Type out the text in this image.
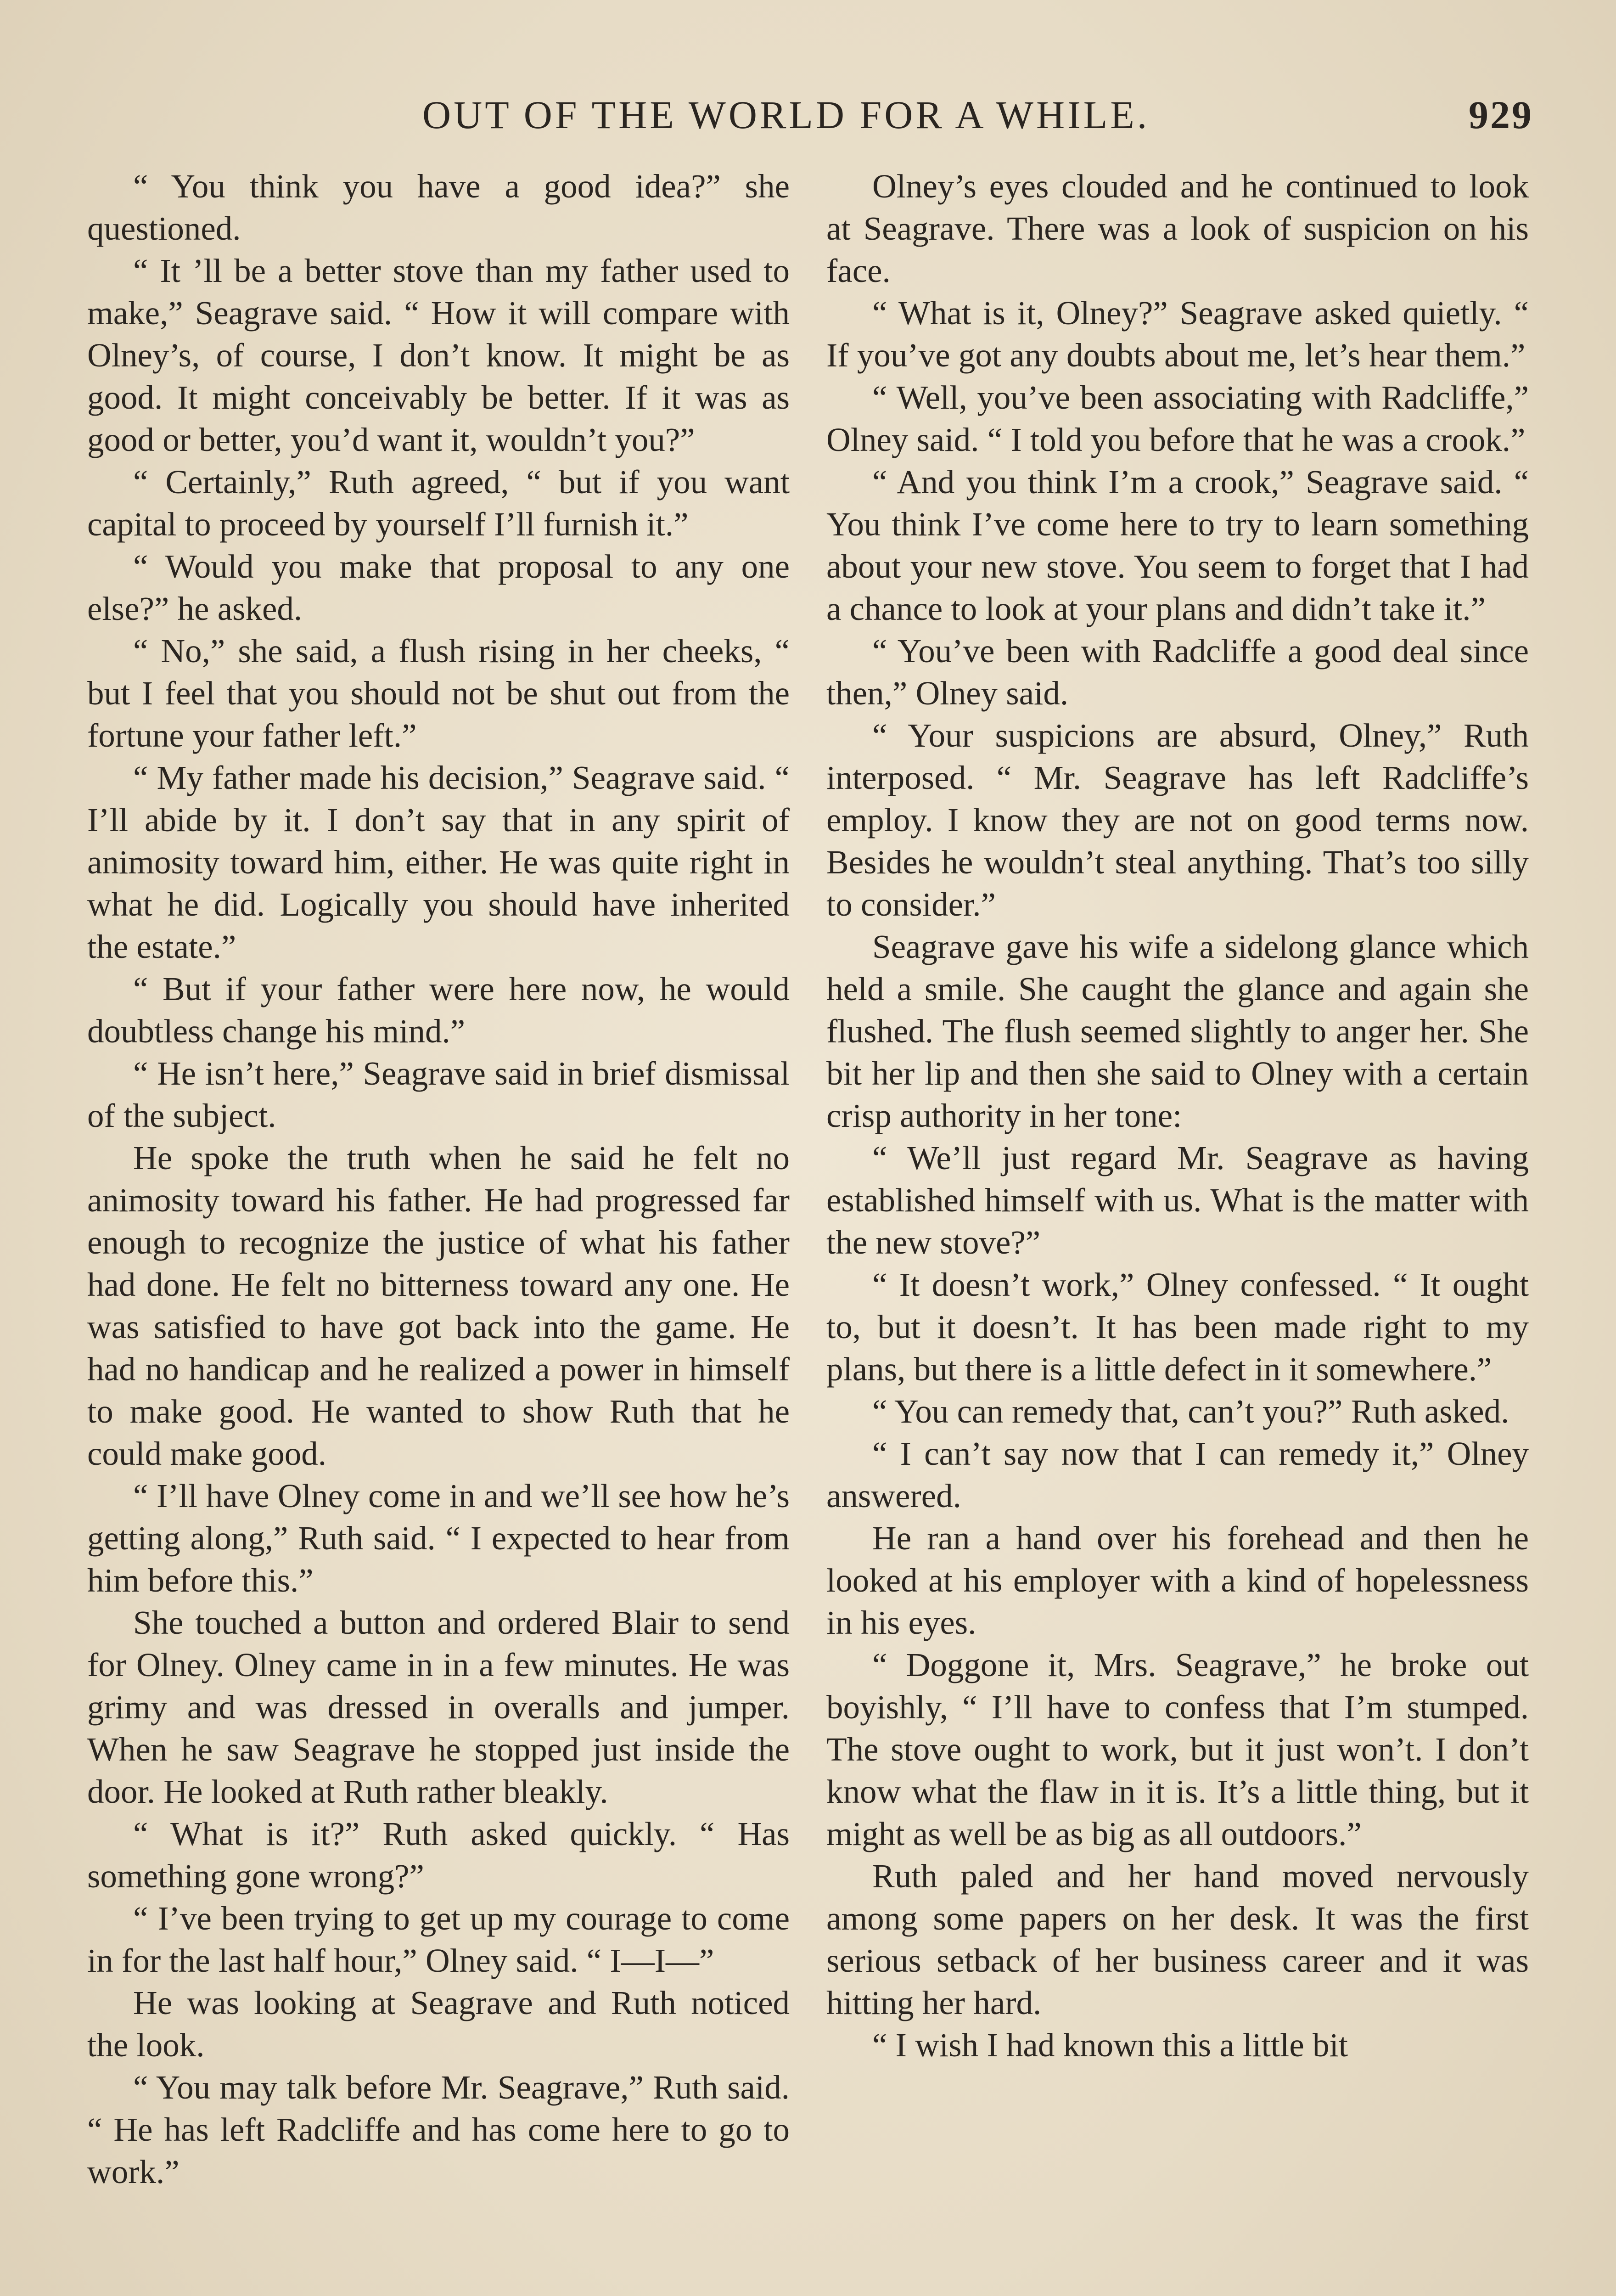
OUT OF THE WORLD FOR A WHILE.	929

“ You think you have a good idea?” she questioned.

“ It ’ll be a better stove than my father used to make,” Seagrave said. “ How it will compare with Olney’s, of course, I don’t know. It might be as good. It might conceivably be better. If it was as good or better, you’d want it, wouldn’t you?”

“ Certainly,” Ruth agreed, “ but if you want capital to proceed by yourself I’ll furnish it.”

“ Would you make that proposal to any one else?” he asked.

“ No,” she said, a flush rising in her cheeks, “ but I feel that you should not be shut out from the fortune your father left.”

“ My father made his decision,” Seagrave said. “ I’ll abide by it. I don’t say that in any spirit of animosity toward him, either. He was quite right in what he did. Logically you should have inherited the estate.”

“ But if your father were here now, he would doubtless change his mind.”

“ He isn’t here,” Seagrave said in brief dismissal of the subject.

He spoke the truth when he said he felt no animosity toward his father. He had progressed far enough to recognize the justice of what his father had done. He felt no bitterness toward any one. He was satisfied to have got back into the game. He had no handicap and he realized a power in himself to make good. He wanted to show Ruth that he could make good.

“ I’ll have Olney come in and we’ll see how he’s getting along,” Ruth said. “ I expected to hear from him before this.”

She touched a button and ordered Blair to send for Olney. Olney came in in a few minutes. He was grimy and was dressed in overalls and jumper. When he saw Seagrave he stopped just inside the door. He looked at Ruth rather bleakly.

“ What is it?” Ruth asked quickly. “ Has something gone wrong?”

“ I’ve been trying to get up my courage to come in for the last half hour,” Olney said. “ I—I—”

He was looking at Seagrave and Ruth noticed the look.

“ You may talk before Mr. Seagrave,” Ruth said. “ He has left Radcliffe and has come here to go to work.”

Olney’s eyes clouded and he continued to look at Seagrave. There was a look of suspicion on his face.

“ What is it, Olney?” Seagrave asked quietly. “ If you’ve got any doubts about me, let’s hear them.”

“ Well, you’ve been associating with Radcliffe,” Olney said. “ I told you before that he was a crook.”

“ And you think I’m a crook,” Seagrave said. “ You think I’ve come here to try to learn something about your new stove. You seem to forget that I had a chance to look at your plans and didn’t take it.”

“ You’ve been with Radcliffe a good deal since then,” Olney said.

“ Your suspicions are absurd, Olney,” Ruth interposed. “ Mr. Seagrave has left Radcliffe’s employ. I know they are not on good terms now. Besides he wouldn’t steal anything. That’s too silly to consider.”

Seagrave gave his wife a sidelong glance which held a smile. She caught the glance and again she flushed. The flush seemed slightly to anger her. She bit her lip and then she said to Olney with a certain crisp authority in her tone:

“ We’ll just regard Mr. Seagrave as having established himself with us. What is the matter with the new stove?”

“ It doesn’t work,” Olney confessed. “ It ought to, but it doesn’t. It has been made right to my plans, but there is a little defect in it somewhere.”

“ You can remedy that, can’t you?” Ruth asked.

“ I can’t say now that I can remedy it,” Olney answered.

He ran a hand over his forehead and then he looked at his employer with a kind of hopelessness in his eyes.

“ Doggone it, Mrs. Seagrave,” he broke out boyishly, “ I’ll have to confess that I’m stumped. The stove ought to work, but it just won’t. I don’t know what the flaw in it is. It’s a little thing, but it might as well be as big as all outdoors.”

Ruth paled and her hand moved nervously among some papers on her desk. It was the first serious setback of her business career and it was hitting her hard.

“ I wish I had known this a little bit
